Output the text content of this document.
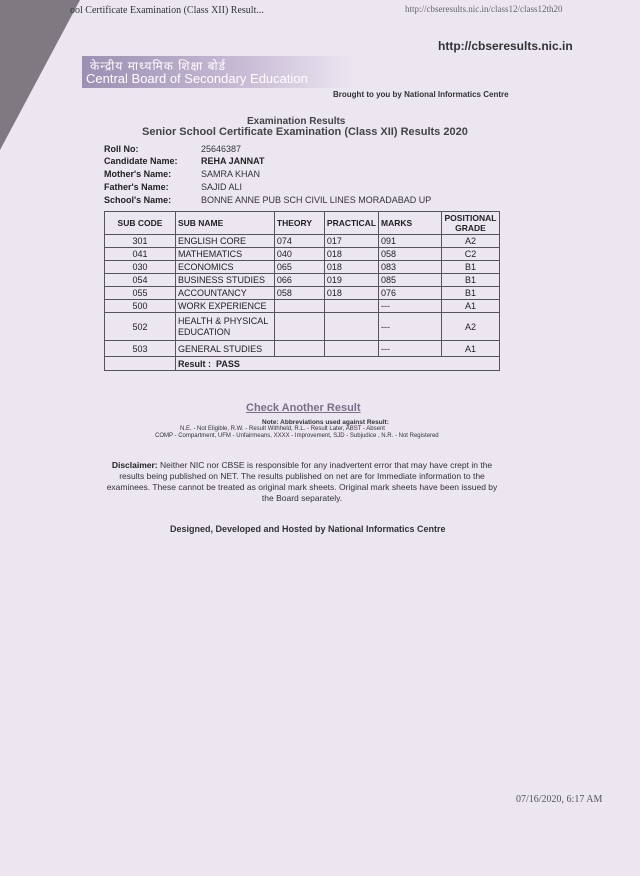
ool Certificate Examination (Class XII) Result...	http://cbseresults.nic.in/class12/class12th20
http://cbseresults.nic.in
केन्द्रीय माध्यमिक शिक्षा बोर्ड
Central Board of Secondary Education
Brought to you by National Informatics Centre
Examination Results
Senior School Certificate Examination (Class XII) Results 2020
Roll No:	25646387
Candidate Name:	REHA JANNAT
Mother's Name:	SAMRA KHAN
Father's Name:	SAJID ALI
School's Name:	BONNE ANNE PUB SCH CIVIL LINES MORADABAD UP
SUB CODE	SUB NAME	THEORY	PRACTICAL	MARKS	POSITIONAL GRADE
301	ENGLISH CORE	074	017	091	A2
041	MATHEMATICS	040	018	058	C2
030	ECONOMICS	065	018	083	B1
054	BUSINESS STUDIES	066	019	085	B1
055	ACCOUNTANCY	058	018	076	B1
500	WORK EXPERIENCE			---	A1
502	HEALTH & PHYSICAL EDUCATION			---	A2
503	GENERAL STUDIES			---	A1
	Result : PASS				
Check Another Result
Note: Abbreviations used against Result:
N.E. - Not Eligible, R.W. - Result Withheld, R.L. - Result Later, ABST - Absent
COMP - Compartment, UFM - Unfairmeans, XXXX - Improvement, SJD - Subjudice , N.R. - Not Registered
Disclaimer: Neither NIC nor CBSE is responsible for any inadvertent error that may have crept in the results being published on NET. The results published on net are for Immediate information to the examinees. These cannot be treated as original mark sheets. Original mark sheets have been issued by the Board separately.
Designed, Developed and Hosted by National Informatics Centre
07/16/2020, 6:17 AM
